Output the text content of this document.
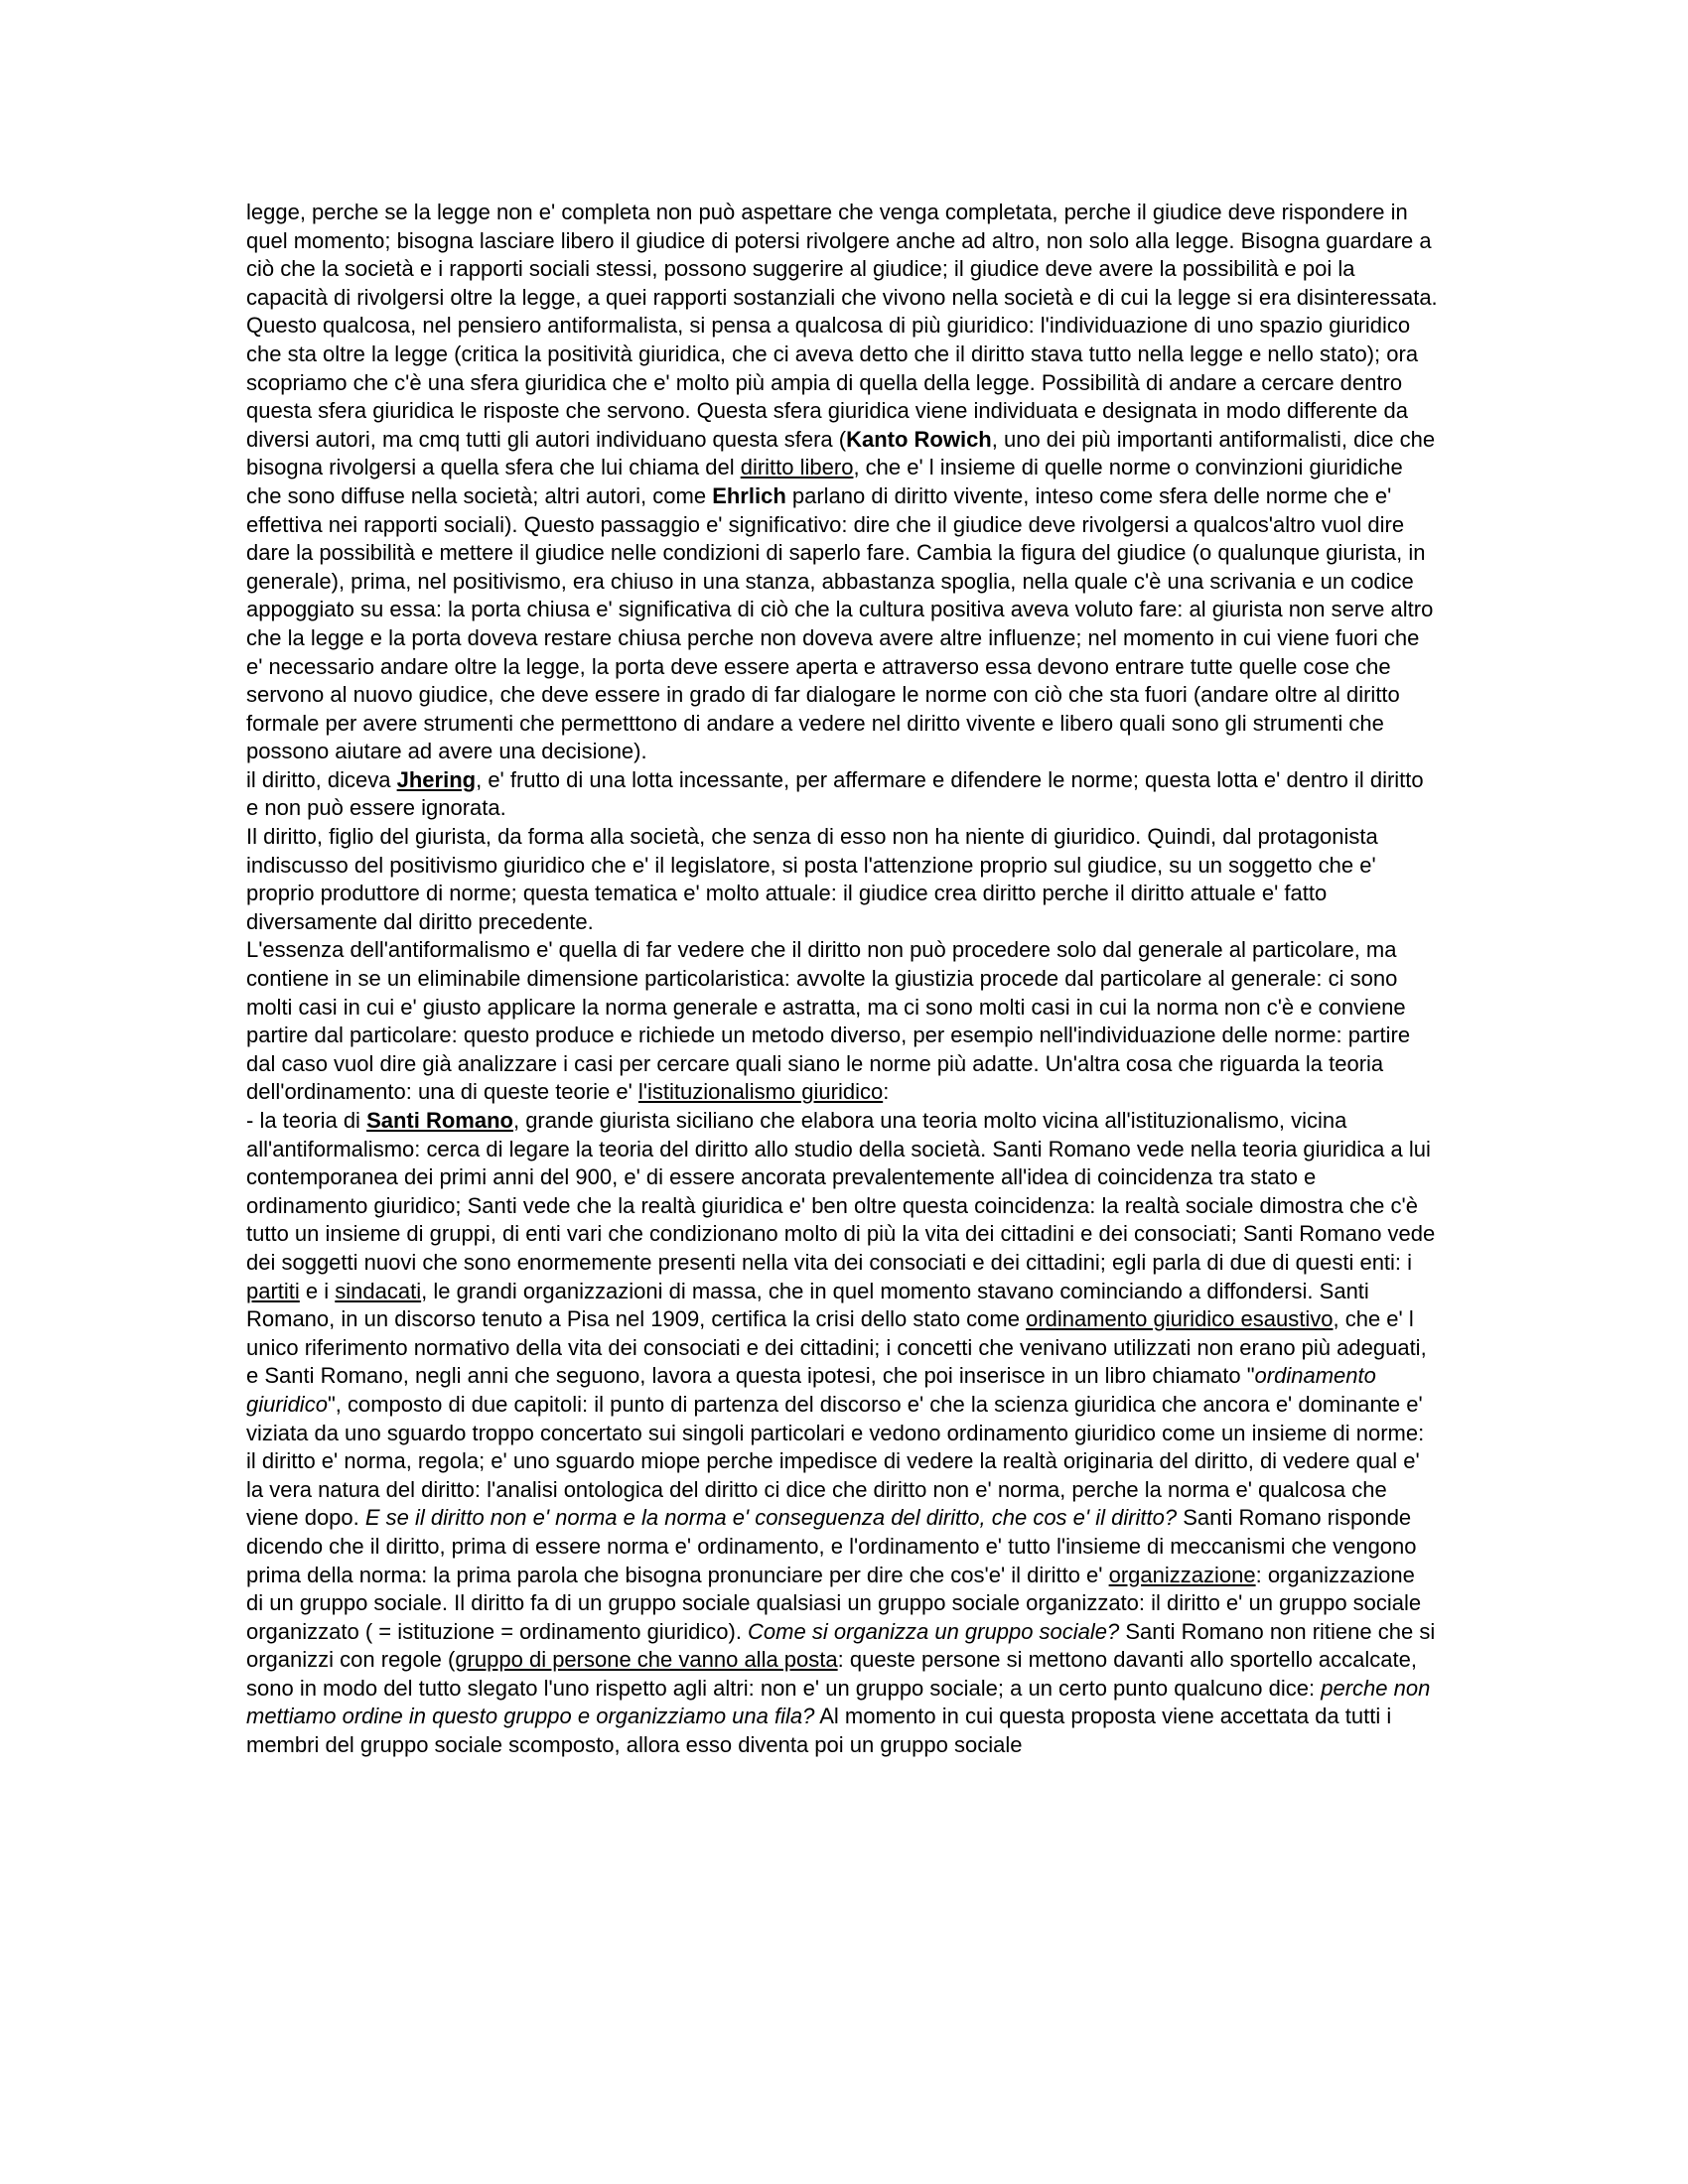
legge, perche se la legge non e' completa non può aspettare che venga completata, perche il giudice deve rispondere in quel momento; bisogna lasciare libero il giudice di potersi rivolgere anche ad altro, non solo alla legge. Bisogna guardare a ciò che la società e i rapporti sociali stessi, possono suggerire al giudice; il giudice deve avere la possibilità e poi la capacità di rivolgersi oltre la legge, a quei rapporti sostanziali che vivono nella società e di cui la legge si era disinteressata. Questo qualcosa, nel pensiero antiformalista, si pensa a qualcosa di più giuridico: l'individuazione di uno spazio giuridico che sta oltre la legge (critica la positività giuridica, che ci aveva detto che il diritto stava tutto nella legge e nello stato); ora scopriamo che c'è una sfera giuridica che e' molto più ampia di quella della legge. Possibilità di andare a cercare dentro questa sfera giuridica le risposte che servono. Questa sfera giuridica viene individuata e designata in modo differente da diversi autori, ma cmq tutti gli autori individuano questa sfera (Kanto Rowich, uno dei più importanti antiformalisti, dice che bisogna rivolgersi a quella sfera che lui chiama del diritto libero, che e' l insieme di quelle norme o convinzioni giuridiche che sono diffuse nella società; altri autori, come Ehrlich parlano di diritto vivente, inteso come sfera delle norme che e' effettiva nei rapporti sociali). Questo passaggio e' significativo: dire che il giudice deve rivolgersi a qualcos'altro vuol dire dare la possibilità e mettere il giudice nelle condizioni di saperlo fare. Cambia la figura del giudice (o qualunque giurista, in generale), prima, nel positivismo, era chiuso in una stanza, abbastanza spoglia, nella quale c'è una scrivania e un codice appoggiato su essa: la porta chiusa e' significativa di ciò che la cultura positiva aveva voluto fare: al giurista non serve altro che la legge e la porta doveva restare chiusa perche non doveva avere altre influenze; nel momento in cui viene fuori che e' necessario andare oltre la legge, la porta deve essere aperta e attraverso essa devono entrare tutte quelle cose che servono al nuovo giudice, che deve essere in grado di far dialogare le norme con ciò che sta fuori (andare oltre al diritto formale per avere strumenti che permetttono di andare a vedere nel diritto vivente e libero quali sono gli strumenti che possono aiutare ad avere una decisione).

il diritto, diceva Jhering, e' frutto di una lotta incessante, per affermare e difendere le norme; questa lotta e' dentro il diritto e non può essere ignorata.

Il diritto, figlio del giurista, da forma alla società, che senza di esso non ha niente di giuridico. Quindi, dal protagonista indiscusso del positivismo giuridico che e' il legislatore, si posta l'attenzione proprio sul giudice, su un soggetto che e' proprio produttore di norme; questa tematica e' molto attuale: il giudice crea diritto perche il diritto attuale e' fatto diversamente dal diritto precedente.

L'essenza dell'antiformalismo e' quella di far vedere che il diritto non può procedere solo dal generale al particolare, ma contiene in se un eliminabile dimensione particolaristica: avvolte la giustizia procede dal particolare al generale: ci sono molti casi in cui e' giusto applicare la norma generale e astratta, ma ci sono molti casi in cui la norma non c'è e conviene partire dal particolare: questo produce e richiede un metodo diverso, per esempio nell'individuazione delle norme: partire dal caso vuol dire già analizzare i casi per cercare quali siano le norme più adatte. Un'altra cosa che riguarda la teoria dell'ordinamento: una di queste teorie e' l'istituzionalismo giuridico:

- la teoria di Santi Romano, grande giurista siciliano che elabora una teoria molto vicina all'istituzionalismo, vicina all'antiformalismo: cerca di legare la teoria del diritto allo studio della società. Santi Romano vede nella teoria giuridica a lui contemporanea dei primi anni del 900, e' di essere ancorata prevalentemente all'idea di coincidenza tra stato e ordinamento giuridico; Santi vede che la realtà giuridica e' ben oltre questa coincidenza: la realtà sociale dimostra che c'è tutto un insieme di gruppi, di enti vari che condizionano molto di più la vita dei cittadini e dei consociati; Santi Romano vede dei soggetti nuovi che sono enormemente presenti nella vita dei consociati e dei cittadini; egli parla di due di questi enti: i partiti e i sindacati, le grandi organizzazioni di massa, che in quel momento stavano cominciando a diffondersi. Santi Romano, in un discorso tenuto a Pisa nel 1909, certifica la crisi dello stato come ordinamento giuridico esaustivo, che e' l unico riferimento normativo della vita dei consociati e dei cittadini; i concetti che venivano utilizzati non erano più adeguati, e Santi Romano, negli anni che seguono, lavora a questa ipotesi, che poi inserisce in un libro chiamato "ordinamento giuridico", composto di due capitoli: il punto di partenza del discorso e' che la scienza giuridica che ancora e' dominante e' viziata da uno sguardo troppo concertato sui singoli particolari e vedono ordinamento giuridico come un insieme di norme: il diritto e' norma, regola; e' uno sguardo miope perche impedisce di vedere la realtà originaria del diritto, di vedere qual e' la vera natura del diritto: l'analisi ontologica del diritto ci dice che diritto non e' norma, perche la norma e' qualcosa che viene dopo. E se il diritto non e' norma e la norma e' conseguenza del diritto, che cos e' il diritto? Santi Romano risponde dicendo che il diritto, prima di essere norma e' ordinamento, e l'ordinamento e' tutto l'insieme di meccanismi che vengono prima della norma: la prima parola che bisogna pronunciare per dire che cos'e' il diritto e' organizzazione: organizzazione di un gruppo sociale. Il diritto fa di un gruppo sociale qualsiasi un gruppo sociale organizzato: il diritto e' un gruppo sociale organizzato ( = istituzione = ordinamento giuridico). Come si organizza un gruppo sociale? Santi Romano non ritiene che si organizzi con regole (gruppo di persone che vanno alla posta: queste persone si mettono davanti allo sportello accalcate, sono in modo del tutto slegato l'uno rispetto agli altri: non e' un gruppo sociale; a un certo punto qualcuno dice: perche non mettiamo ordine in questo gruppo e organizziamo una fila? Al momento in cui questa proposta viene accettata da tutti i membri del gruppo sociale scomposto, allora esso diventa poi un gruppo sociale
